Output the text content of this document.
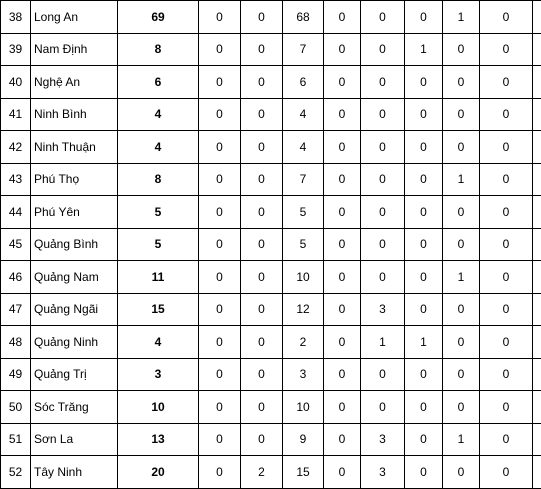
38	Long An	69	0	0	68	0	0	0	1	0	
39	Nam Định	8	0	0	7	0	0	1	0	0	
40	Nghệ An	6	0	0	6	0	0	0	0	0	
41	Ninh Bình	4	0	0	4	0	0	0	0	0	
42	Ninh Thuận	4	0	0	4	0	0	0	0	0	
43	Phú Thọ	8	0	0	7	0	0	0	1	0	
44	Phú Yên	5	0	0	5	0	0	0	0	0	
45	Quảng Bình	5	0	0	5	0	0	0	0	0	
46	Quảng Nam	11	0	0	10	0	0	0	1	0	
47	Quảng Ngãi	15	0	0	12	0	3	0	0	0	
48	Quảng Ninh	4	0	0	2	0	1	1	0	0	
49	Quảng Trị	3	0	0	3	0	0	0	0	0	
50	Sóc Trăng	10	0	0	10	0	0	0	0	0	
51	Sơn La	13	0	0	9	0	3	0	1	0	
52	Tây Ninh	20	0	2	15	0	3	0	0	0	
